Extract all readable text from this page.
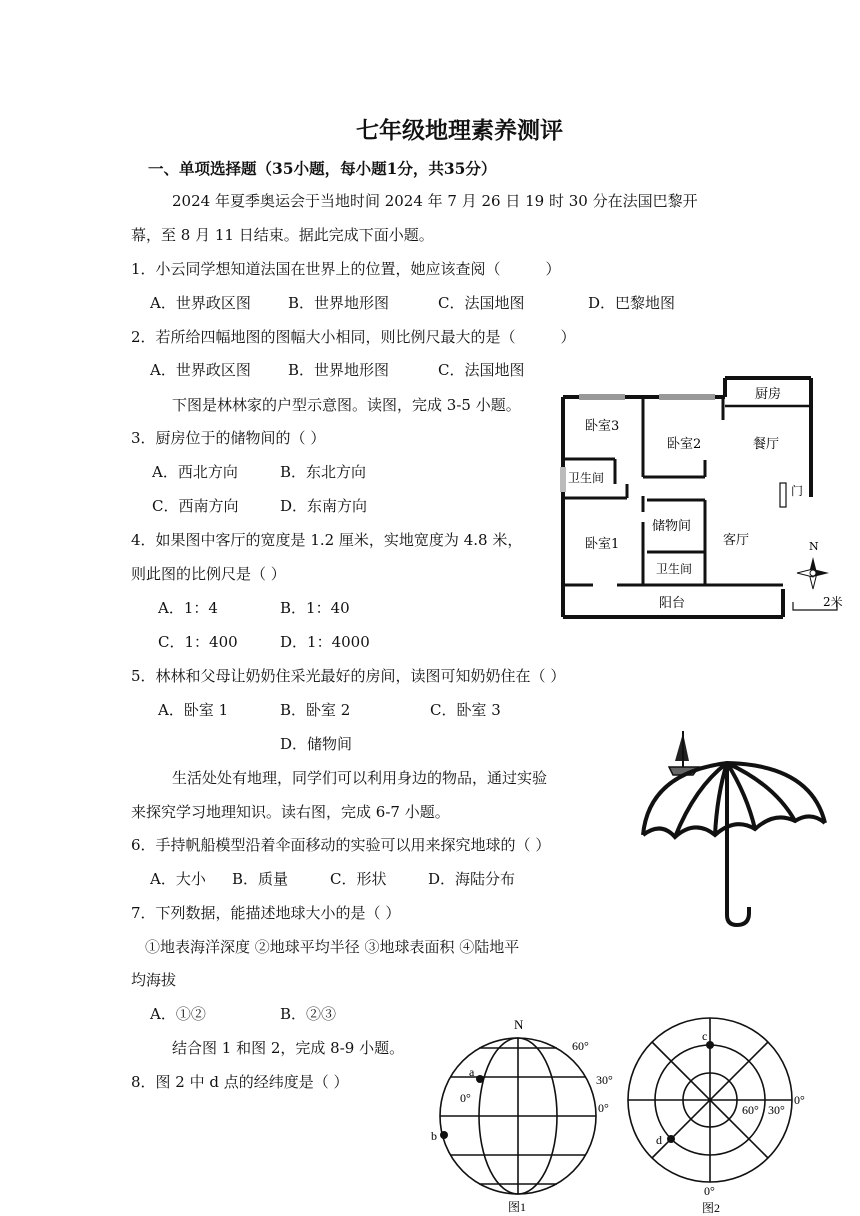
七年级地理素养测评
一、单项选择题（35小题，每小题1分，共35分）
2024 年夏季奥运会于当地时间 2024 年 7 月 26 日 19 时 30 分在法国巴黎开
幕，至 8 月 11 日结束。据此完成下面小题。
1．小云同学想知道法国在世界上的位置，她应该查阅（　　　）
A．世界政区图 B．世界地形图	C．法国地图	D．巴黎地图
2．若所给四幅地图的图幅大小相同，则比例尺最大的是（　　　）
A．世界政区图 B．世界地形图	C．法国地图
下图是林林家的户型示意图。读图，完成 3-5 小题。
3．厨房位于的储物间的（ ）
A．西北方向	B．东北方向
C．西南方向	D．东南方向
4．如果图中客厅的宽度是 1.2 厘米，实地宽度为 4.8 米，
则此图的比例尺是（ ）
A．1：4	B．1：40
C．1：400	D．1：4000
5．林林和父母让奶奶住采光最好的房间，读图可知奶奶住在（ ）
A．卧室 1	B．卧室 2	C．卧室 3
D．储物间
生活处处有地理，同学们可以利用身边的物品，通过实验
来探究学习地理知识。读右图，完成 6-7 小题。
6．手持帆船模型沿着伞面移动的实验可以用来探究地球的（ ）
A．大小 B．质量	C．形状	D．海陆分布
7．下列数据，能描述地球大小的是（ ）
①地表海洋深度 ②地球平均半径 ③地球表面积 ④陆地平
均海拔
A．①②	B．②③
结合图 1 和图 2，完成 8-9 小题。
8．图 2 中 d 点的经纬度是（ ）
门
厨房
卧室3
卧室2	餐厅
卫生间
储物间
卧室1	客厅
卫生间
阳台
N
2米
N
60°
30°
0°
0°
a
b
图1
c
d
60° 30°
0°
0°
图2
